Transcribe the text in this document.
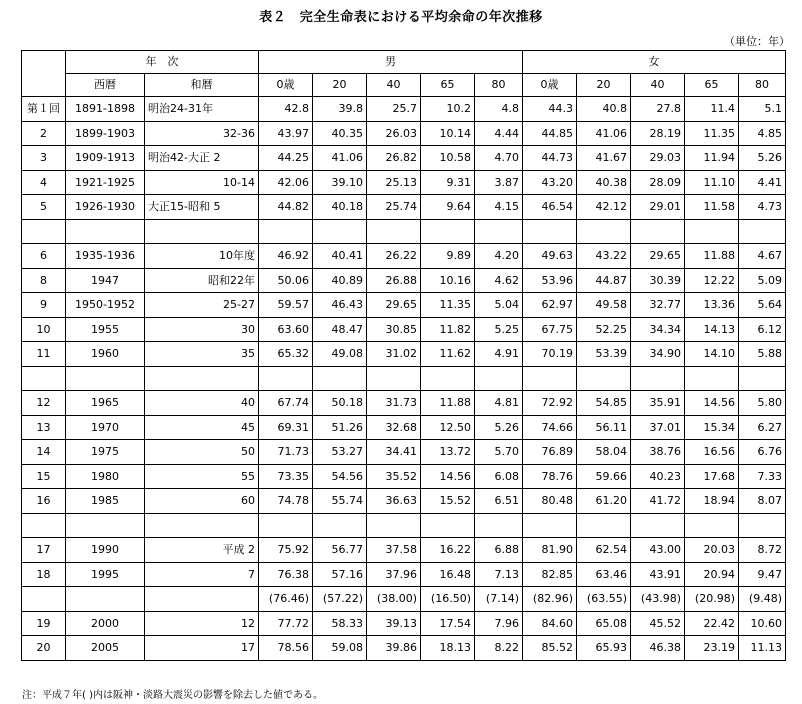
表２　完全生命表における平均余命の年次推移
（単位：年）
	年　次		男					女				
	西暦	和暦	0歳	20	40	65	80	0歳	20	40	65	80
第１回	1891-1898	明治24-31年	42.8	39.8	25.7	10.2	4.8	44.3	40.8	27.8	11.4	5.1
2	1899-1903	32-36	43.97	40.35	26.03	10.14	4.44	44.85	41.06	28.19	11.35	4.85
3	1909-1913	明治42-大正 2	44.25	41.06	26.82	10.58	4.70	44.73	41.67	29.03	11.94	5.26
4	1921-1925	10-14	42.06	39.10	25.13	9.31	3.87	43.20	40.38	28.09	11.10	4.41
5	1926-1930	大正15-昭和 5	44.82	40.18	25.74	9.64	4.15	46.54	42.12	29.01	11.58	4.73

6	1935-1936	10年度	46.92	40.41	26.22	9.89	4.20	49.63	43.22	29.65	11.88	4.67
8	1947	昭和22年	50.06	40.89	26.88	10.16	4.62	53.96	44.87	30.39	12.22	5.09
9	1950-1952	25-27	59.57	46.43	29.65	11.35	5.04	62.97	49.58	32.77	13.36	5.64
10	1955	30	63.60	48.47	30.85	11.82	5.25	67.75	52.25	34.34	14.13	6.12
11	1960	35	65.32	49.08	31.02	11.62	4.91	70.19	53.39	34.90	14.10	5.88

12	1965	40	67.74	50.18	31.73	11.88	4.81	72.92	54.85	35.91	14.56	5.80
13	1970	45	69.31	51.26	32.68	12.50	5.26	74.66	56.11	37.01	15.34	6.27
14	1975	50	71.73	53.27	34.41	13.72	5.70	76.89	58.04	38.76	16.56	6.76
15	1980	55	73.35	54.56	35.52	14.56	6.08	78.76	59.66	40.23	17.68	7.33
16	1985	60	74.78	55.74	36.63	15.52	6.51	80.48	61.20	41.72	18.94	8.07

17	1990	平成 2	75.92	56.77	37.58	16.22	6.88	81.90	62.54	43.00	20.03	8.72
18	1995	7	76.38	57.16	37.96	16.48	7.13	82.85	63.46	43.91	20.94	9.47
			(76.46)	(57.22)	(38.00)	(16.50)	(7.14)	(82.96)	(63.55)	(43.98)	(20.98)	(9.48)
19	2000	12	77.72	58.33	39.13	17.54	7.96	84.60	65.08	45.52	22.42	10.60
20	2005	17	78.56	59.08	39.86	18.13	8.22	85.52	65.93	46.38	23.19	11.13
注：平成７年( )内は阪神・淡路大震災の影響を除去した値である。
